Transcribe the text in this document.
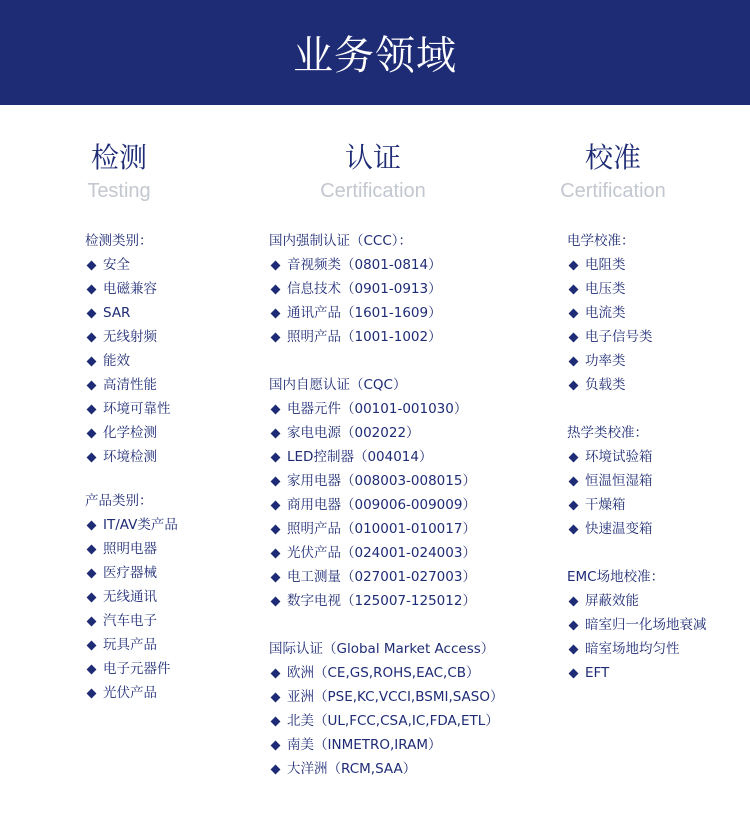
业务领域
检测
Testing
检测类别：
安全
电磁兼容
SAR
无线射频
能效
高清性能
环境可靠性
化学检测
环境检测
产品类别：
IT/AV类产品
照明电器
医疗器械
无线通讯
汽车电子
玩具产品
电子元器件
光伏产品
认证
Certification
国内强制认证（CCC）：
音视频类（0801-0814）
信息技术（0901-0913）
通讯产品（1601-1609）
照明产品（1001-1002）
国内自愿认证（CQC）
电器元件（00101-001030）
家电电源（002022）
LED控制器（004014）
家用电器（008003-008015）
商用电器（009006-009009）
照明产品（010001-010017）
光伏产品（024001-024003）
电工测量（027001-027003）
数字电视（125007-125012）
国际认证（Global Market Access）
欧洲（CE,GS,ROHS,EAC,CB）
亚洲（PSE,KC,VCCI,BSMI,SASO）
北美（UL,FCC,CSA,IC,FDA,ETL）
南美（INMETRO,IRAM）
大洋洲（RCM,SAA）
校准
Certification
电学校准：
电阻类
电压类
电流类
电子信号类
功率类
负载类
热学类校准：
环境试验箱
恒温恒湿箱
干燥箱
快速温变箱
EMC场地校准：
屏蔽效能
暗室归一化场地衰减
暗室场地均匀性
EFT
